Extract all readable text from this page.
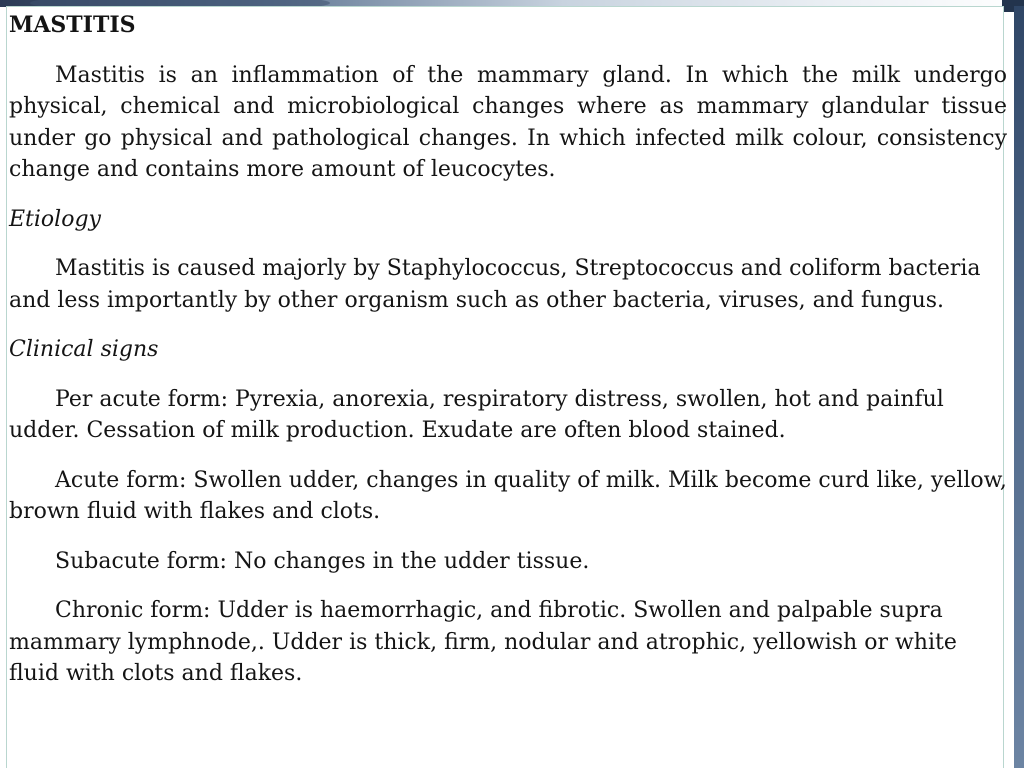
MASTITIS

Mastitis is an inflammation of the mammary gland. In which the milk undergo physical, chemical and microbiological changes where as mammary glandular tissue under go physical and pathological changes. In which infected milk colour, consistency change and contains more amount of leucocytes.

Etiology

Mastitis is caused majorly by Staphylococcus, Streptococcus and coliform bacteria and less importantly by other organism such as other bacteria, viruses, and fungus.

Clinical signs

Per acute form: Pyrexia, anorexia, respiratory distress, swollen, hot and painful udder. Cessation of milk production. Exudate are often blood stained.

Acute form: Swollen udder, changes in quality of milk. Milk become curd like, yellow, brown fluid with flakes and clots.

Subacute form: No changes in the udder tissue.

Chronic form: Udder is haemorrhagic, and fibrotic. Swollen and palpable supra mammary lymphnode,. Udder is thick, firm, nodular and atrophic, yellowish or white fluid with clots and flakes.
